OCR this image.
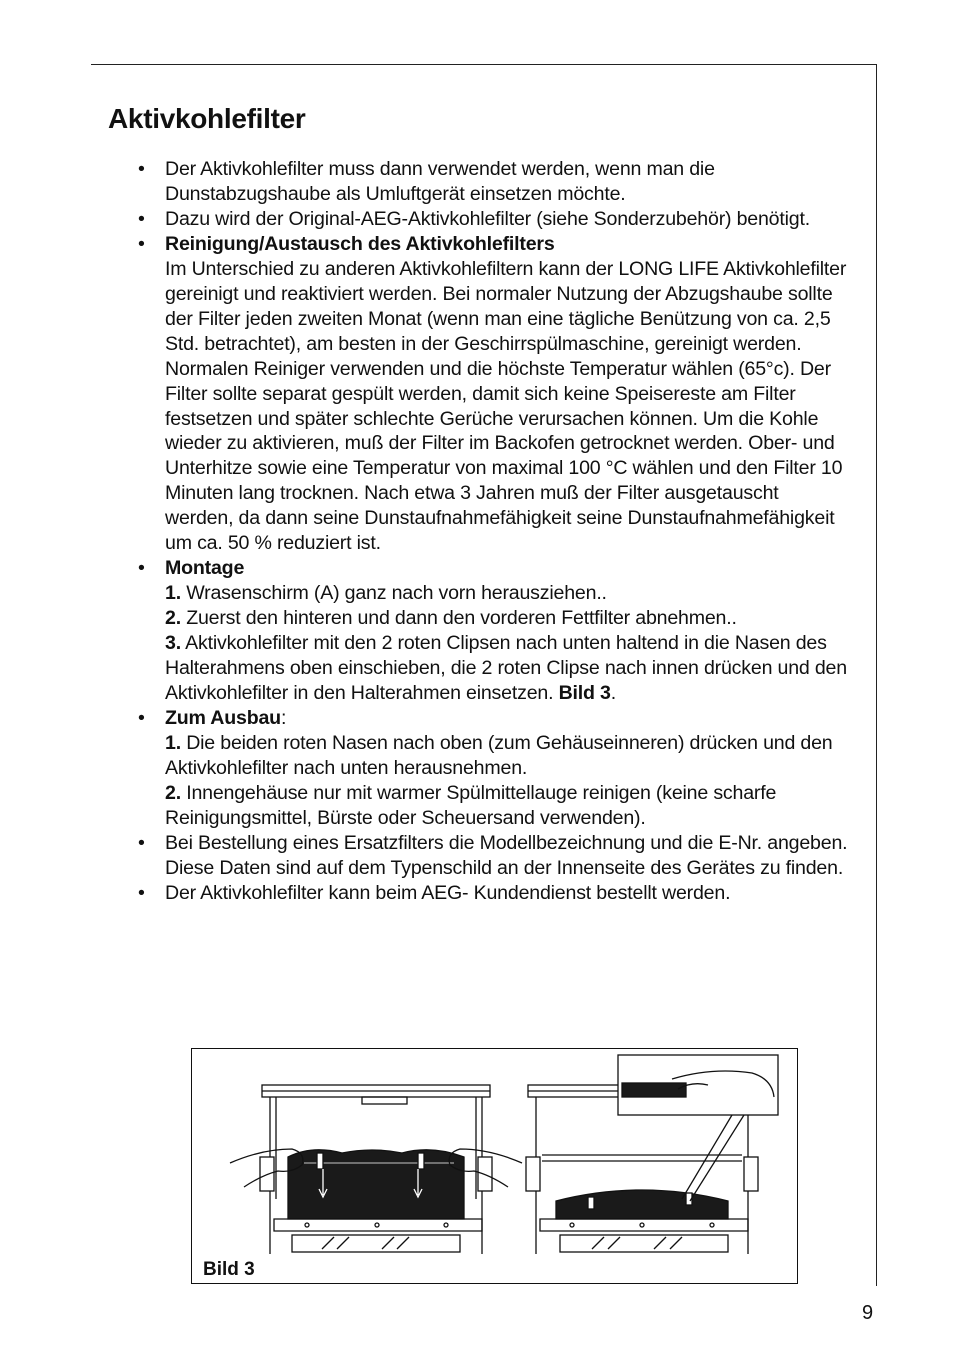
Aktivkohlefilter
• Der Aktivkohlefilter muss dann verwendet werden, wenn man die Dunstabzugshaube als Umluftgerät einsetzen möchte.
• Dazu wird der Original-AEG-Aktivkohlefilter (siehe Sonderzubehör) benötigt.
• Reinigung/Austausch des Aktivkohlefilters
Im Unterschied zu anderen Aktivkohlefiltern kann der LONG LIFE Aktivkohlefilter gereinigt und reaktiviert werden. Bei normaler Nutzung der Abzugshaube sollte der Filter jeden zweiten Monat (wenn man eine tägliche Benützung von ca. 2,5 Std. betrachtet), am besten in der Geschirrspülmaschine, gereinigt werden. Normalen Reiniger verwenden und die höchste Temperatur wählen (65°c). Der Filter sollte separat gespült werden, damit sich keine Speisereste am Filter festsetzen und später schlechte Gerüche verursachen können. Um die Kohle wieder zu aktivieren, muß der Filter im Backofen getrocknet werden. Ober- und Unterhitze sowie eine Temperatur von maximal 100 °C wählen und den Filter 10 Minuten lang trocknen. Nach etwa 3 Jahren muß der Filter ausgetauscht werden, da dann seine Dunstaufnahmefähigkeit seine Dunstaufnahmefähigkeit um ca. 50 % reduziert ist.
• Montage
1. Wrasenschirm (A) ganz nach vorn herausziehen..
2. Zuerst den hinteren und dann den vorderen Fettfilter abnehmen..
3. Aktivkohlefilter mit den 2 roten Clipsen nach unten haltend in die Nasen des Halterahmens oben einschieben, die 2 roten Clipse nach innen drücken und den Aktivkohlefilter in den Halterahmen einsetzen. Bild 3.
• Zum Ausbau:
1. Die beiden roten Nasen nach oben (zum Gehäuseinneren) drücken und den Aktivkohlefilter nach unten herausnehmen.
2. Innengehäuse nur mit warmer Spülmittellauge reinigen (keine scharfe Reinigungsmittel, Bürste oder Scheuersand verwenden).
• Bei Bestellung eines Ersatzfilters die Modellbezeichnung und die E-Nr. angeben. Diese Daten sind auf dem Typenschild an der Innenseite des Gerätes zu finden.
• Der Aktivkohlefilter kann beim AEG- Kundendienst bestellt werden.
Bild 3
9
